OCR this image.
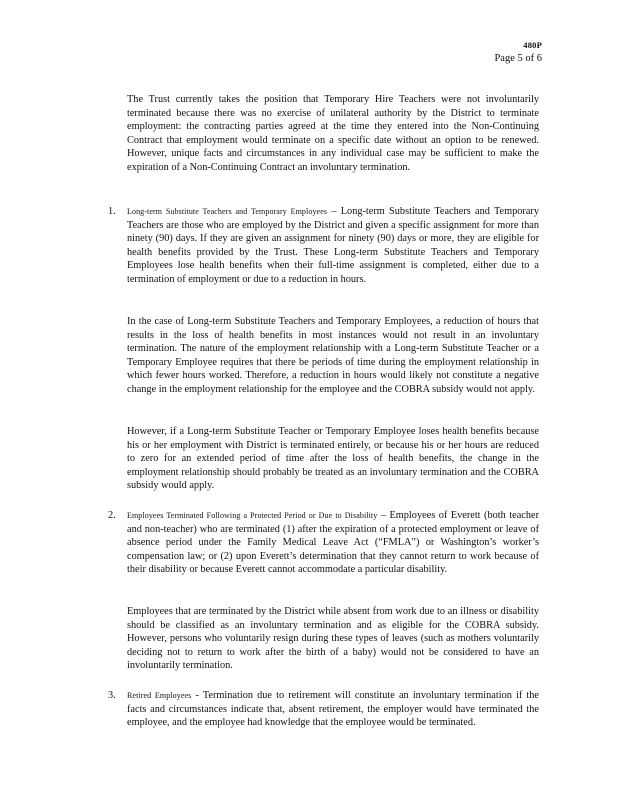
480P
Page 5 of 6

The Trust currently takes the position that Temporary Hire Teachers were not involuntarily terminated because there was no exercise of unilateral authority by the District to terminate employment: the contracting parties agreed at the time they entered into the Non-Continuing Contract that employment would terminate on a specific date without an option to be renewed. However, unique facts and circumstances in any individual case may be sufficient to make the expiration of a Non-Continuing Contract an involuntary termination.

1. Long-term Substitute Teachers and Temporary Employees – Long-term Substitute Teachers and Temporary Teachers are those who are employed by the District and given a specific assignment for more than ninety (90) days. If they are given an assignment for ninety (90) days or more, they are eligible for health benefits provided by the Trust. These Long-term Substitute Teachers and Temporary Employees lose health benefits when their full-time assignment is completed, either due to a termination of employment or due to a reduction in hours.

In the case of Long-term Substitute Teachers and Temporary Employees, a reduction of hours that results in the loss of health benefits in most instances would not result in an involuntary termination. The nature of the employment relationship with a Long-term Substitute Teacher or a Temporary Employee requires that there be periods of time during the employment relationship in which fewer hours worked. Therefore, a reduction in hours would likely not constitute a negative change in the employment relationship for the employee and the COBRA subsidy would not apply.

However, if a Long-term Substitute Teacher or Temporary Employee loses health benefits because his or her employment with District is terminated entirely, or because his or her hours are reduced to zero for an extended period of time after the loss of health benefits, the change in the employment relationship should probably be treated as an involuntary termination and the COBRA subsidy would apply.

2. Employees Terminated Following a Protected Period or Due to Disability – Employees of Everett (both teacher and non-teacher) who are terminated (1) after the expiration of a protected employment or leave of absence period under the Family Medical Leave Act (“FMLA”) or Washington’s worker’s compensation law; or (2) upon Everett’s determination that they cannot return to work because of their disability or because Everett cannot accommodate a particular disability.

Employees that are terminated by the District while absent from work due to an illness or disability should be classified as an involuntary termination and as eligible for the COBRA subsidy. However, persons who voluntarily resign during these types of leaves (such as mothers voluntarily deciding not to return to work after the birth of a baby) would not be considered to have an involuntarily termination.

3. Retired Employees - Termination due to retirement will constitute an involuntary termination if the facts and circumstances indicate that, absent retirement, the employer would have terminated the employee, and the employee had knowledge that the employee would be terminated.
